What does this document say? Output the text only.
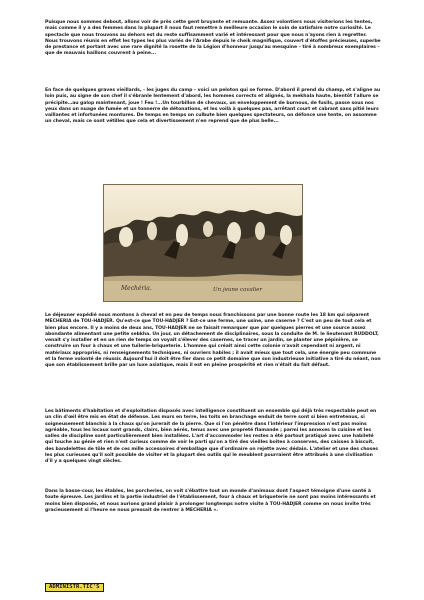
Puisque nous sommes debout, allons voir de près cette gent bruyante et remuante. Assez volontiers nous visiterions les tentes, mais comme il y a des femmes dans la plupart il nous faut remettre à meilleure occasion le soin de satisfaire notre curiosité. Le spectacle que nous trouvons au dehors est du reste suffisamment varié et intéressant pour que nous n'ayons rien à regretter. Nous trouvons réunis en effet les types les plus variés de l'Arabe depuis le cheik magnifique, couvert d'étoffes précieuses, superbe de prestance et portant avec une rare dignité la rosette de la Légion d'honneur jusqu'au mesquine – tiré à nombreux exemplaires – que de mauvais haillons couvrent à peine...

En face de quelques graves vieillards, - les juges du camp – voici un peloton qui se forme. D'abord il prend du champ, et s'aligne au loin puis, au signe de son chef il s'ébranle lentement d'abord, les hommes corrects et alignés, la mekhala haute, bientôt l'allure se précipite…au galop maintenant, joue ! Feu !...Un tourbillon de chevaux, un enveloppement de burnous, de fusils, passe sous nos yeux dans un nuage de fumée et un tonnerre de détonations, et les voilà à quelques pas, arrêtant court et cabrant sans pitié leurs vaillantes et infortunées montures. De temps en temps on culbute bien quelques spectateurs, on défonce une tente, on assomme un cheval, mais ce sont vétilles que cela et divertissement n'en reprend que de plus belle...

Mechéria.	Un jeune cavalier

Le déjeuner expédié nous montons à cheval et en peu de temps nous franchissons par une bonne route les 18 km qui séparent MECHERIA de TOU-HADJER. Qu'est-ce que TOU-HADJER ? Est-ce une ferme, une usine, une caserne ? C'est un peu de tout cela et bien plus encore. Il y a moins de deux ans, TOU-HADJER ne se faisait remarquer que par quelques pierres et une source assez abondante alimentant une petite sebkha. Un jour, un détachement de disciplinaires, sous la conduite de M. le lieutenant RUDDOLT, venait s'y installer et en un rien de temps on voyait s'élever des casernes, se tracer un jardin, se planter une pépinière, se construire un four à chaux et une tuilerie-briqueterie. L'homme qui créait ainsi cette colonie n'avait cependant ni argent, ni matériaux appropriés, ni renseignements techniques, ni ouvriers habiles ; il avait mieux que tout cela, une énergie peu commune et la ferme volonté de réussir. Aujourd'hui il doit être fier dans ce petit domaine que son industrieuse initiative a tiré du néant, non que son établissement brille par un luxe asiatique, mais il est en pleine prospérité et rien n'était du fait défaut.

Les bâtiments d'habitation et d'exploitation disposés avec intelligence constituent un ensemble qui déjà très respectable peut en un clin d'œil être mis en état de défense. Les murs en terre, les toits en branchage enduit de terre sont si bien entretenus, si soigneusement blanchis à la chaux qu'on jurerait de la pierre. Que si l'on pénètre dans l'intérieur l'impression n'est pas moins agréable, tous les locaux sont grands, clairs, bien aérés, tenus avec une propreté flamande ; parmi les annexes la cuisine et les salles de discipline sont particulièrement bien installées. L'art d'accommoder les restes a été partout pratiqué avec une habileté qui touche au génie et rien n'est curieux comme de voir le parti qu'on a tiré des vieilles boites à conserves, des caisses à biscuit, des bandelettes de tôle et de ces mille accessoires d'emballage que d'ordinaire on rejette avec dédain. L'atelier et une des choses les plus curieuses qu'il soit possible de visiter et la plupart des outils qui le meublent pourraient être attribués à une civilisation d'il y a quelques vingt siècles.

Dans la basse-cour, les étables, les porcheries, on voit s'ébattre tout un monde d'animaux dont l'aspect témoigne d'une santé à toute épreuve. Les jardins et la partie industriel de l'établissement, four à chaux et briqueterie ne sont pas moins intéressants et moins bien disposés, et nous aurions grand plaisir à prolonger longtemps notre visite à TOU-HADJER comme on nous invite très gracieusement si l'heure ne nous pressait de rentrer à MECHERIA ».

ADMINISTR.TIC'S
